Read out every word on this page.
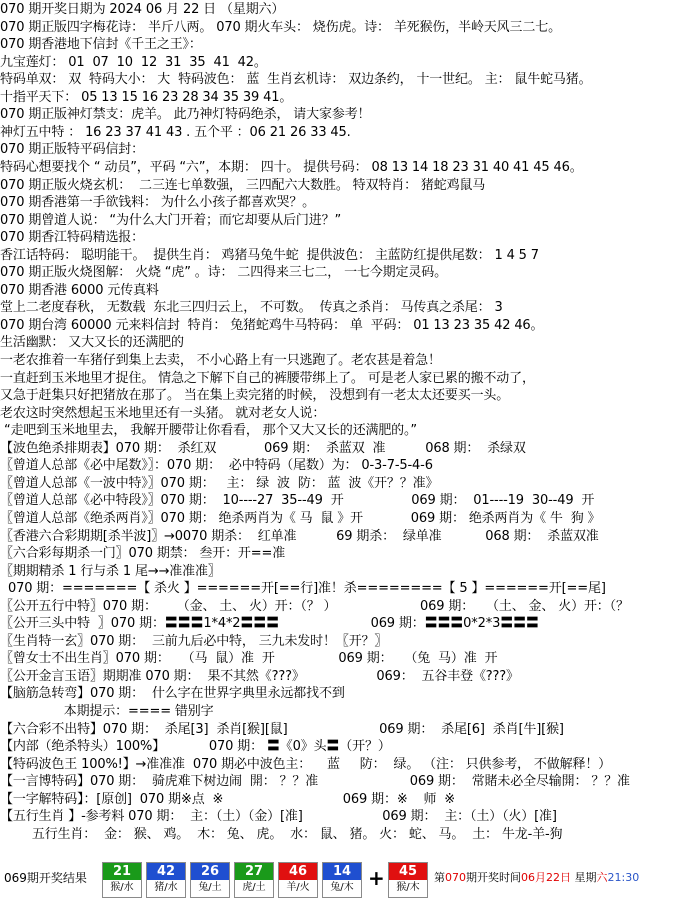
070 期开奖日期为 2024 06 月 22 日 （星期六）
070 期正版四字梅花诗： 半斤八两。 070 期火车头： 烧伤虎。诗： 羊死猴伤，半岭天风三二七。
070 期香港地下信封《千王之王》：
九宝莲灯： 01  07  10  12  31  35  41  42。
特码单双： 双  特码大小： 大  特码波色： 蓝  生肖玄机诗： 双边条约， 十一世纪。 主： 鼠牛蛇马猪。
十指平天下： 05 13 15 16 23 28 34 35 39 41。
070 期正版神灯禁支：虎羊。 此乃神灯特码绝杀， 请大家参考！
神灯五中特 ： 16 23 37 41 43 . 五个平 ：06 21 26 33 45.
070 期正版特平码信封：
特码心想要找个 “ 动员”，平码 “六”，本期： 四十。 提供号码： 08 13 14 18 23 31 40 41 45 46。
070 期正版火烧玄机：  二三连七单数强， 三四配六大数胜。 特双特肖： 猪蛇鸡鼠马
070 期香港第一手欲钱料： 为什么小孩子都喜欢哭？。
070 期曾道人说： “为什么大门开着；而它却要从后门进？”
070 期香江特码精选报：
香江话特码： 聪明能干。  提供生肖： 鸡猪马兔牛蛇  提供波色： 主蓝防红提供尾数： 1 4 5 7
070 期正版火烧图解： 火烧 “虎” 。诗： 二四得来三七二， 一七今期定灵码。
070 期香港 6000 元传真料
堂上二老度春秋， 无数载  东北三四归云上， 不可数。  传真之杀肖： 马传真之杀尾： 3
070 期台湾 60000 元来料信封  特肖： 兔猪蛇鸡牛马特码： 单  平码： 01 13 23 35 42 46。
生活幽默： 又大又长的还满肥的
一老农推着一车猪仔到集上去卖， 不小心路上有一只逃跑了。老农甚是着急！
一直赶到玉米地里才捉住。 情急之下解下自己的裤腰带绑上了。 可是老人家已累的搬不动了，
又急于赶集只好把猪放在那了。 当在集上卖完猪的时候， 没想到有一老太太还要买一头。
老农这时突然想起玉米地里还有一头猪。 就对老女人说：
“走吧到玉米地里去， 我解开腰带让你看看， 那个又大又长的还满肥的。”
【波色绝杀排期表】070 期：  杀红双            069 期：  杀蓝双  准          068 期：  杀绿双
〖曾道人总部《必中尾数》〗：070 期：  必中特码（尾数）为： 0-3-7-5-4-6
〖曾道人总部《一波中特》〗070 期：   主： 绿  波  防： 蓝  波《开？？准》
〖曾道人总部《必中特段》〗070 期：  10----27  35--49  开                 069 期：  01----19  30--49  开
〖曾道人总部《绝杀两肖》〗070 期： 绝杀两肖为《 马  鼠 》开            069 期： 绝杀两肖为《 牛  狗 》
〖香港六合彩期期[杀半波]〗→0070 期杀：  红单准          69 期杀：  绿单准           068 期：  杀蓝双准
〖六合彩每期杀一门〗070 期禁： 叁开：开==准
〖期期精杀 1 行与杀 1 尾→→准准准〗
070 期：=======【 杀火 】======开[==行]准！杀========【 5 】======开[==尾]
〖公开五行中特〗070 期：     （金、 土、 火）开：（？ ）                     069 期：   （土、 金、 火）开：（？
〖公开三头中特  〗070 期：〓〓〓1*4*2〓〓〓                       069 期：〓〓〓0*2*3〓〓〓
〖生肖特一玄〗070 期：  三前九后必中特， 三九未发时！〖开？〗
〖曾女士不出生肖〗070 期：   （马  鼠）准  开                069 期：   （兔  马）准  开
〖公开金言玉语〗期期准 070 期：  果不其然《???》                  069：  五谷丰登《???》
【脑筋急转弯】070 期：  什么字在世界字典里永远都找不到
本期提示：==== 错别字
【六合彩不出特】070 期：  杀尾[3]  杀肖[猴][鼠]                       069 期：  杀尾[6]  杀肖[牛][猴]
【内部（绝杀特头）100%】           070 期： 〓《0》头〓（开？）
【特码波色王 100%!】→准准准  070 期必中波色主：    蓝     防：  绿。 （注： 只供参考， 不做解释！）
【一言博特码】070 期：  骑虎难下树边闹  開： ？？准                       069 期：  常賭未必全尽输開： ？？准
【一字解特码】：[原创]  070 期※点  ※                              069 期：※    师  ※
【五行生肖 】-参考料 070 期：  主：（土）（金）[准]                    069 期：  主：（土）（火）[准]
五行生肖：  金： 猴、 鸡。  木： 兔、 虎。  水： 鼠、 猪。 火： 蛇、 马。  土： 牛龙-羊-狗
069期开奖结果	21
猴/水
42
猪/水
26
兔/土
27
虎/土
46
羊/火
14
兔/木 +	45
猴/木
第070期开奖时间06月22日 星期六21:30
